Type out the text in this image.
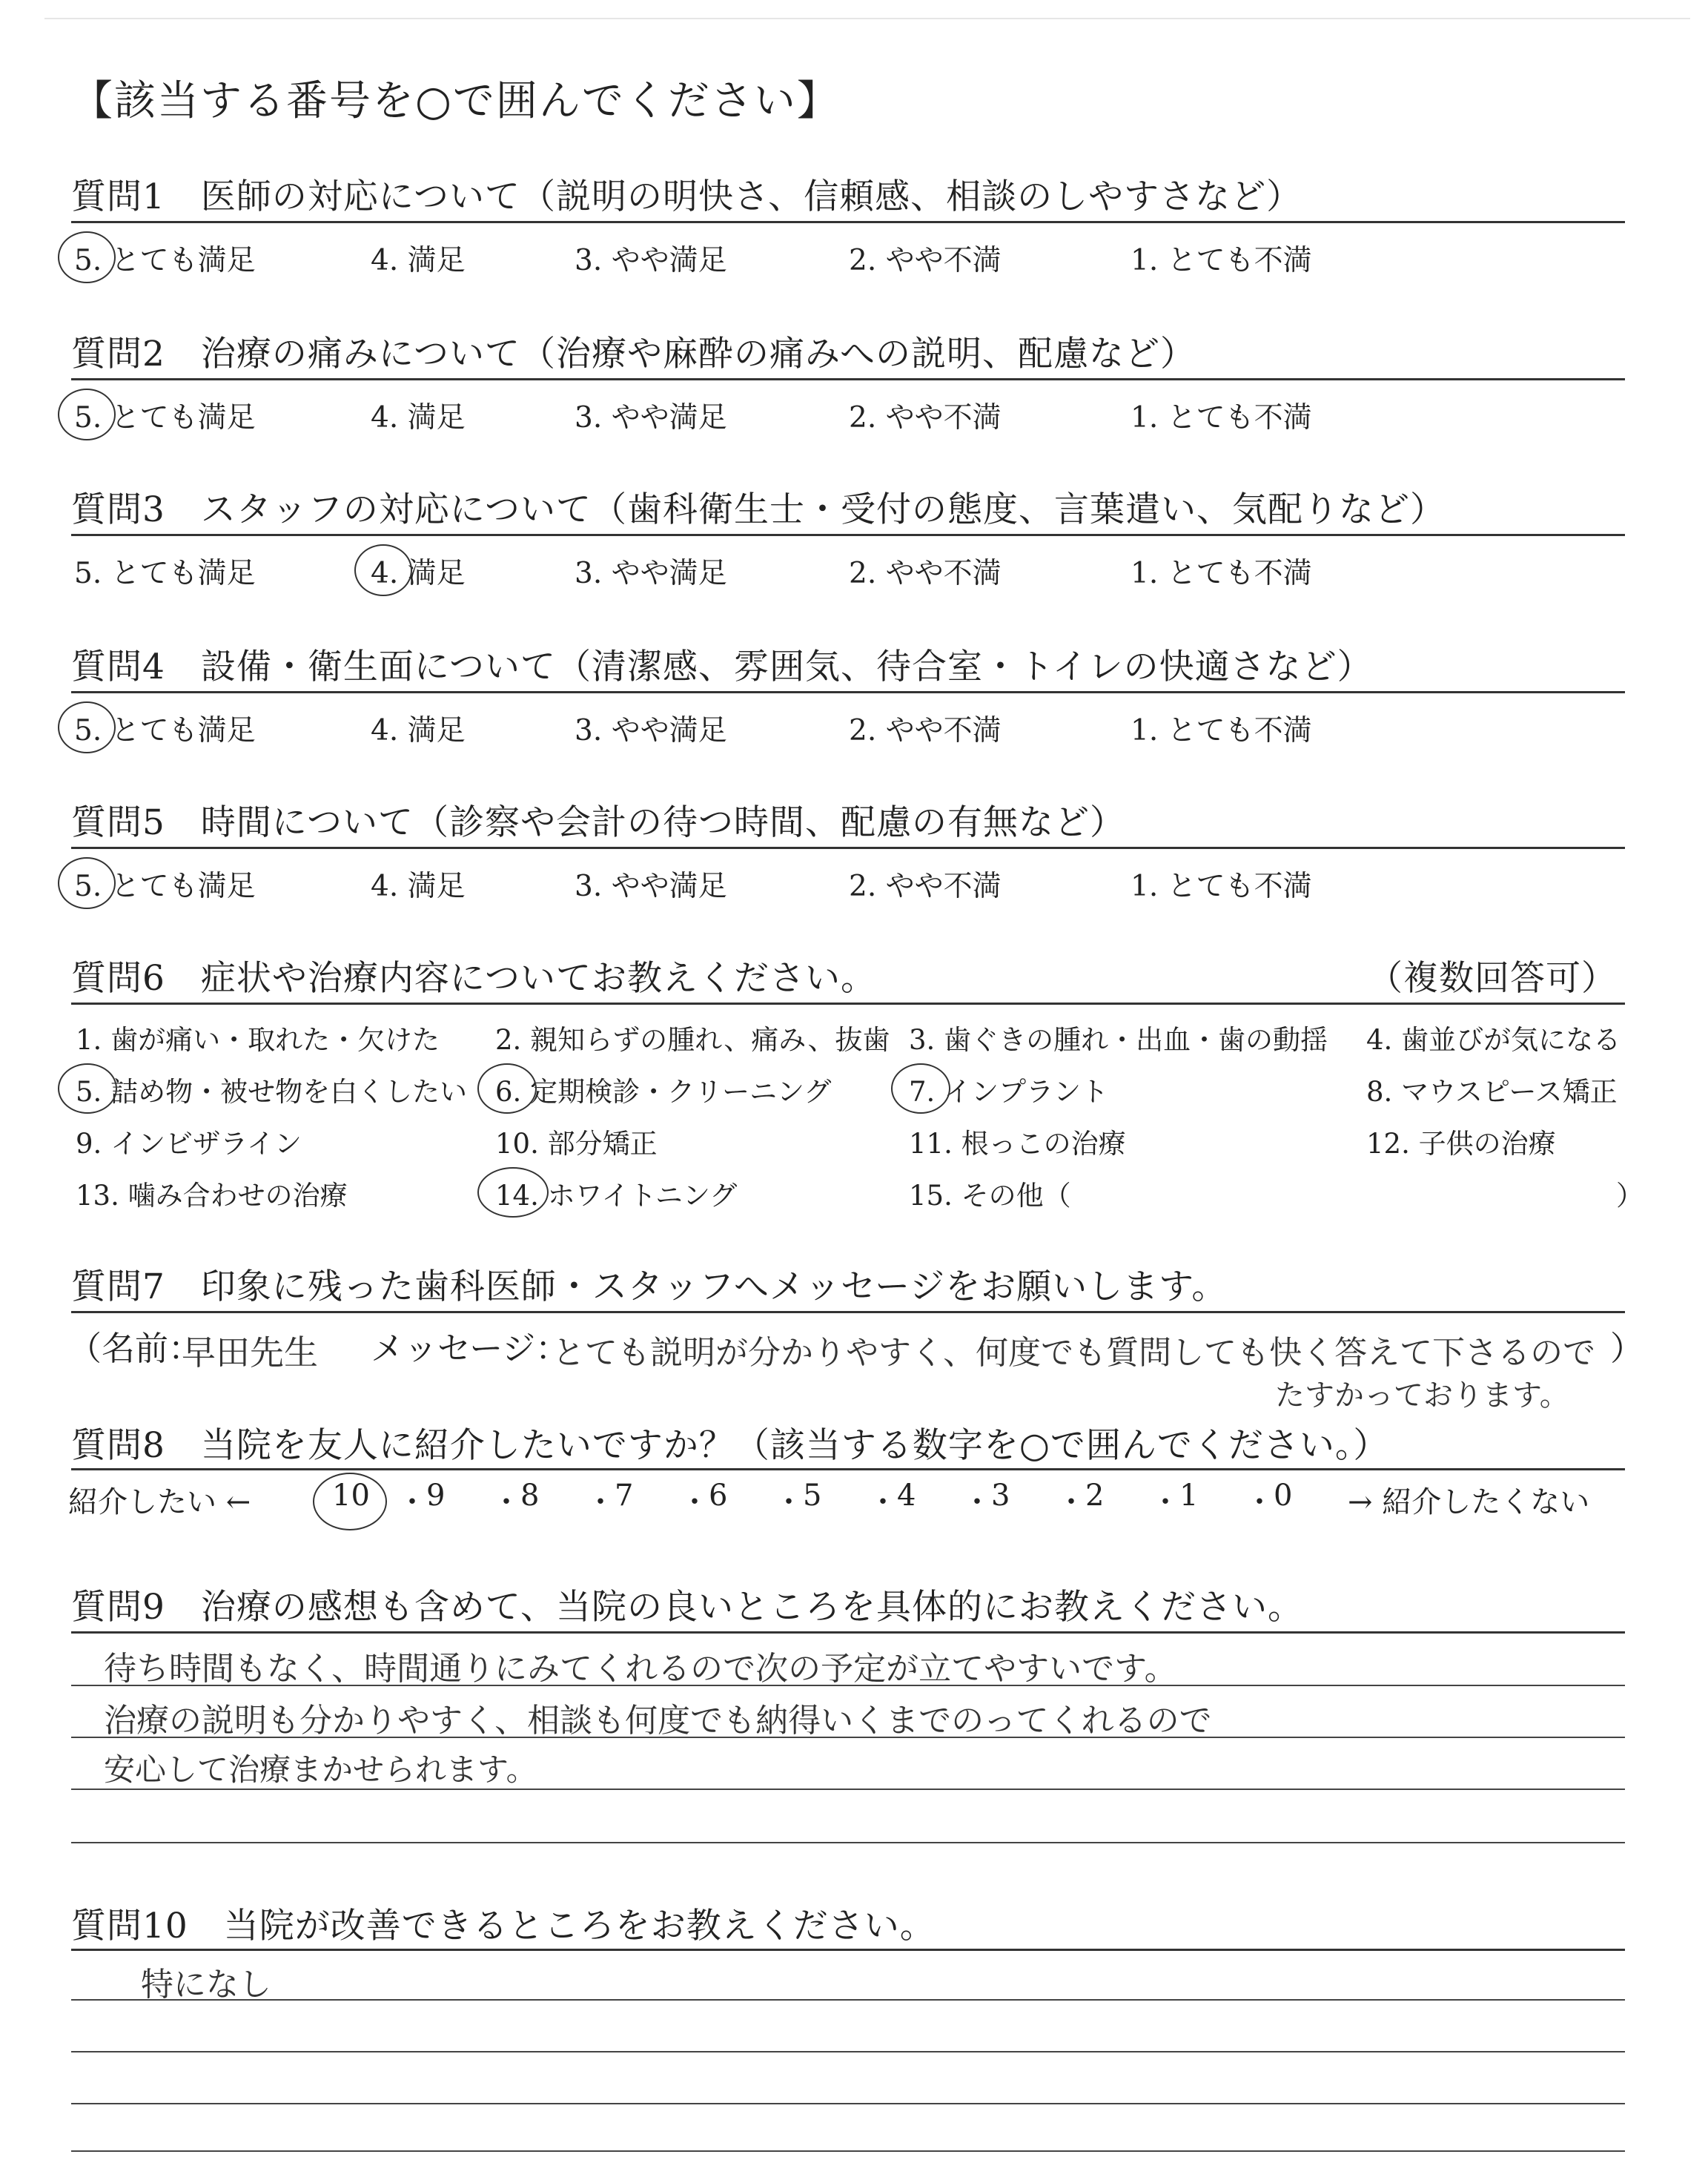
【該当する番号を○で囲んでください】
質問1　医師の対応について（説明の明快さ、信頼感、相談のしやすさなど）
5. とても満足	4. 満足	3. やや満足	2. やや不満	1. とても不満
質問2　治療の痛みについて（治療や麻酔の痛みへの説明、配慮など）
5. とても満足	4. 満足	3. やや満足	2. やや不満	1. とても不満
質問3　スタッフの対応について（歯科衛生士・受付の態度、言葉遣い、気配りなど）
5. とても満足	4. 満足	3. やや満足	2. やや不満	1. とても不満
質問4　設備・衛生面について（清潔感、雰囲気、待合室・トイレの快適さなど）
5. とても満足	4. 満足	3. やや満足	2. やや不満	1. とても不満
質問5　時間について（診察や会計の待つ時間、配慮の有無など）
5. とても満足	4. 満足	3. やや満足	2. やや不満	1. とても不満
質問6　症状や治療内容についてお教えください。	（複数回答可）
1. 歯が痛い・取れた・欠けた 2. 親知らずの腫れ、痛み、抜歯 3. 歯ぐきの腫れ・出血・歯の動揺 4. 歯並びが気になる
5. 詰め物・被せ物を白くしたい 6. 定期検診・クリーニング	7. インプラント	8. マウスピース矯正
9. インビザライン	10. 部分矯正	11. 根っこの治療	12. 子供の治療
13. 噛み合わせの治療	14. ホワイトニング	15. その他（	）
質問7　印象に残った歯科医師・スタッフへメッセージをお願いします。
（名前：
早田先生 メッセージ：
とても説明が分かりやすく、何度でも質問しても快く答えて下さるので
たすかっております。
）
質問8　当院を友人に紹介したいですか？（該当する数字を○で囲んでください。）
紹介したい ←	→ 紹介したくない
10 ・ 9 ・ 8 ・ 7 ・ 6 ・ 5 ・ 4 ・ 3 ・ 2 ・ 1 ・ 0
質問9　治療の感想も含めて、当院の良いところを具体的にお教えください。
待ち時間もなく、時間通りにみてくれるので次の予定が立てやすいです。
治療の説明も分かりやすく、相談も何度でも納得いくまでのってくれるので
安心して治療まかせられます。
質問10　当院が改善できるところをお教えください。
特になし
